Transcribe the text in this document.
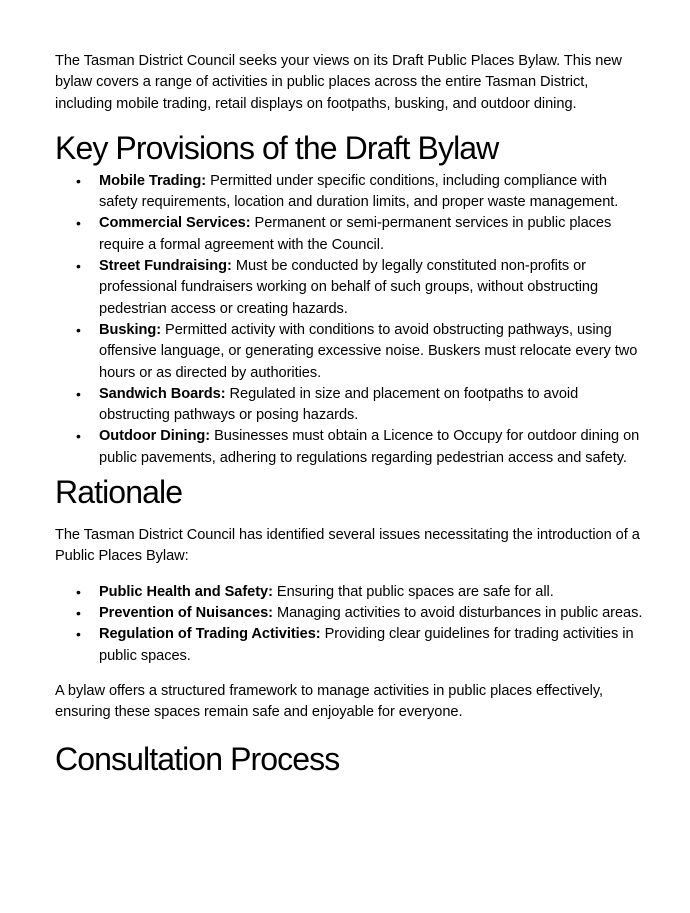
The Tasman District Council seeks your views on its Draft Public Places Bylaw. This new bylaw covers a range of activities in public places across the entire Tasman District, including mobile trading, retail displays on footpaths, busking, and outdoor dining.

Key Provisions of the Draft Bylaw
• Mobile Trading: Permitted under specific conditions, including compliance with safety requirements, location and duration limits, and proper waste management.
• Commercial Services: Permanent or semi-permanent services in public places require a formal agreement with the Council.
• Street Fundraising: Must be conducted by legally constituted non-profits or professional fundraisers working on behalf of such groups, without obstructing pedestrian access or creating hazards.
• Busking: Permitted activity with conditions to avoid obstructing pathways, using offensive language, or generating excessive noise. Buskers must relocate every two hours or as directed by authorities.
• Sandwich Boards: Regulated in size and placement on footpaths to avoid obstructing pathways or posing hazards.
• Outdoor Dining: Businesses must obtain a Licence to Occupy for outdoor dining on public pavements, adhering to regulations regarding pedestrian access and safety.
Rationale

The Tasman District Council has identified several issues necessitating the introduction of a Public Places Bylaw:

• Public Health and Safety: Ensuring that public spaces are safe for all.
• Prevention of Nuisances: Managing activities to avoid disturbances in public areas.
• Regulation of Trading Activities: Providing clear guidelines for trading activities in public spaces.

A bylaw offers a structured framework to manage activities in public places effectively, ensuring these spaces remain safe and enjoyable for everyone.

Consultation Process
